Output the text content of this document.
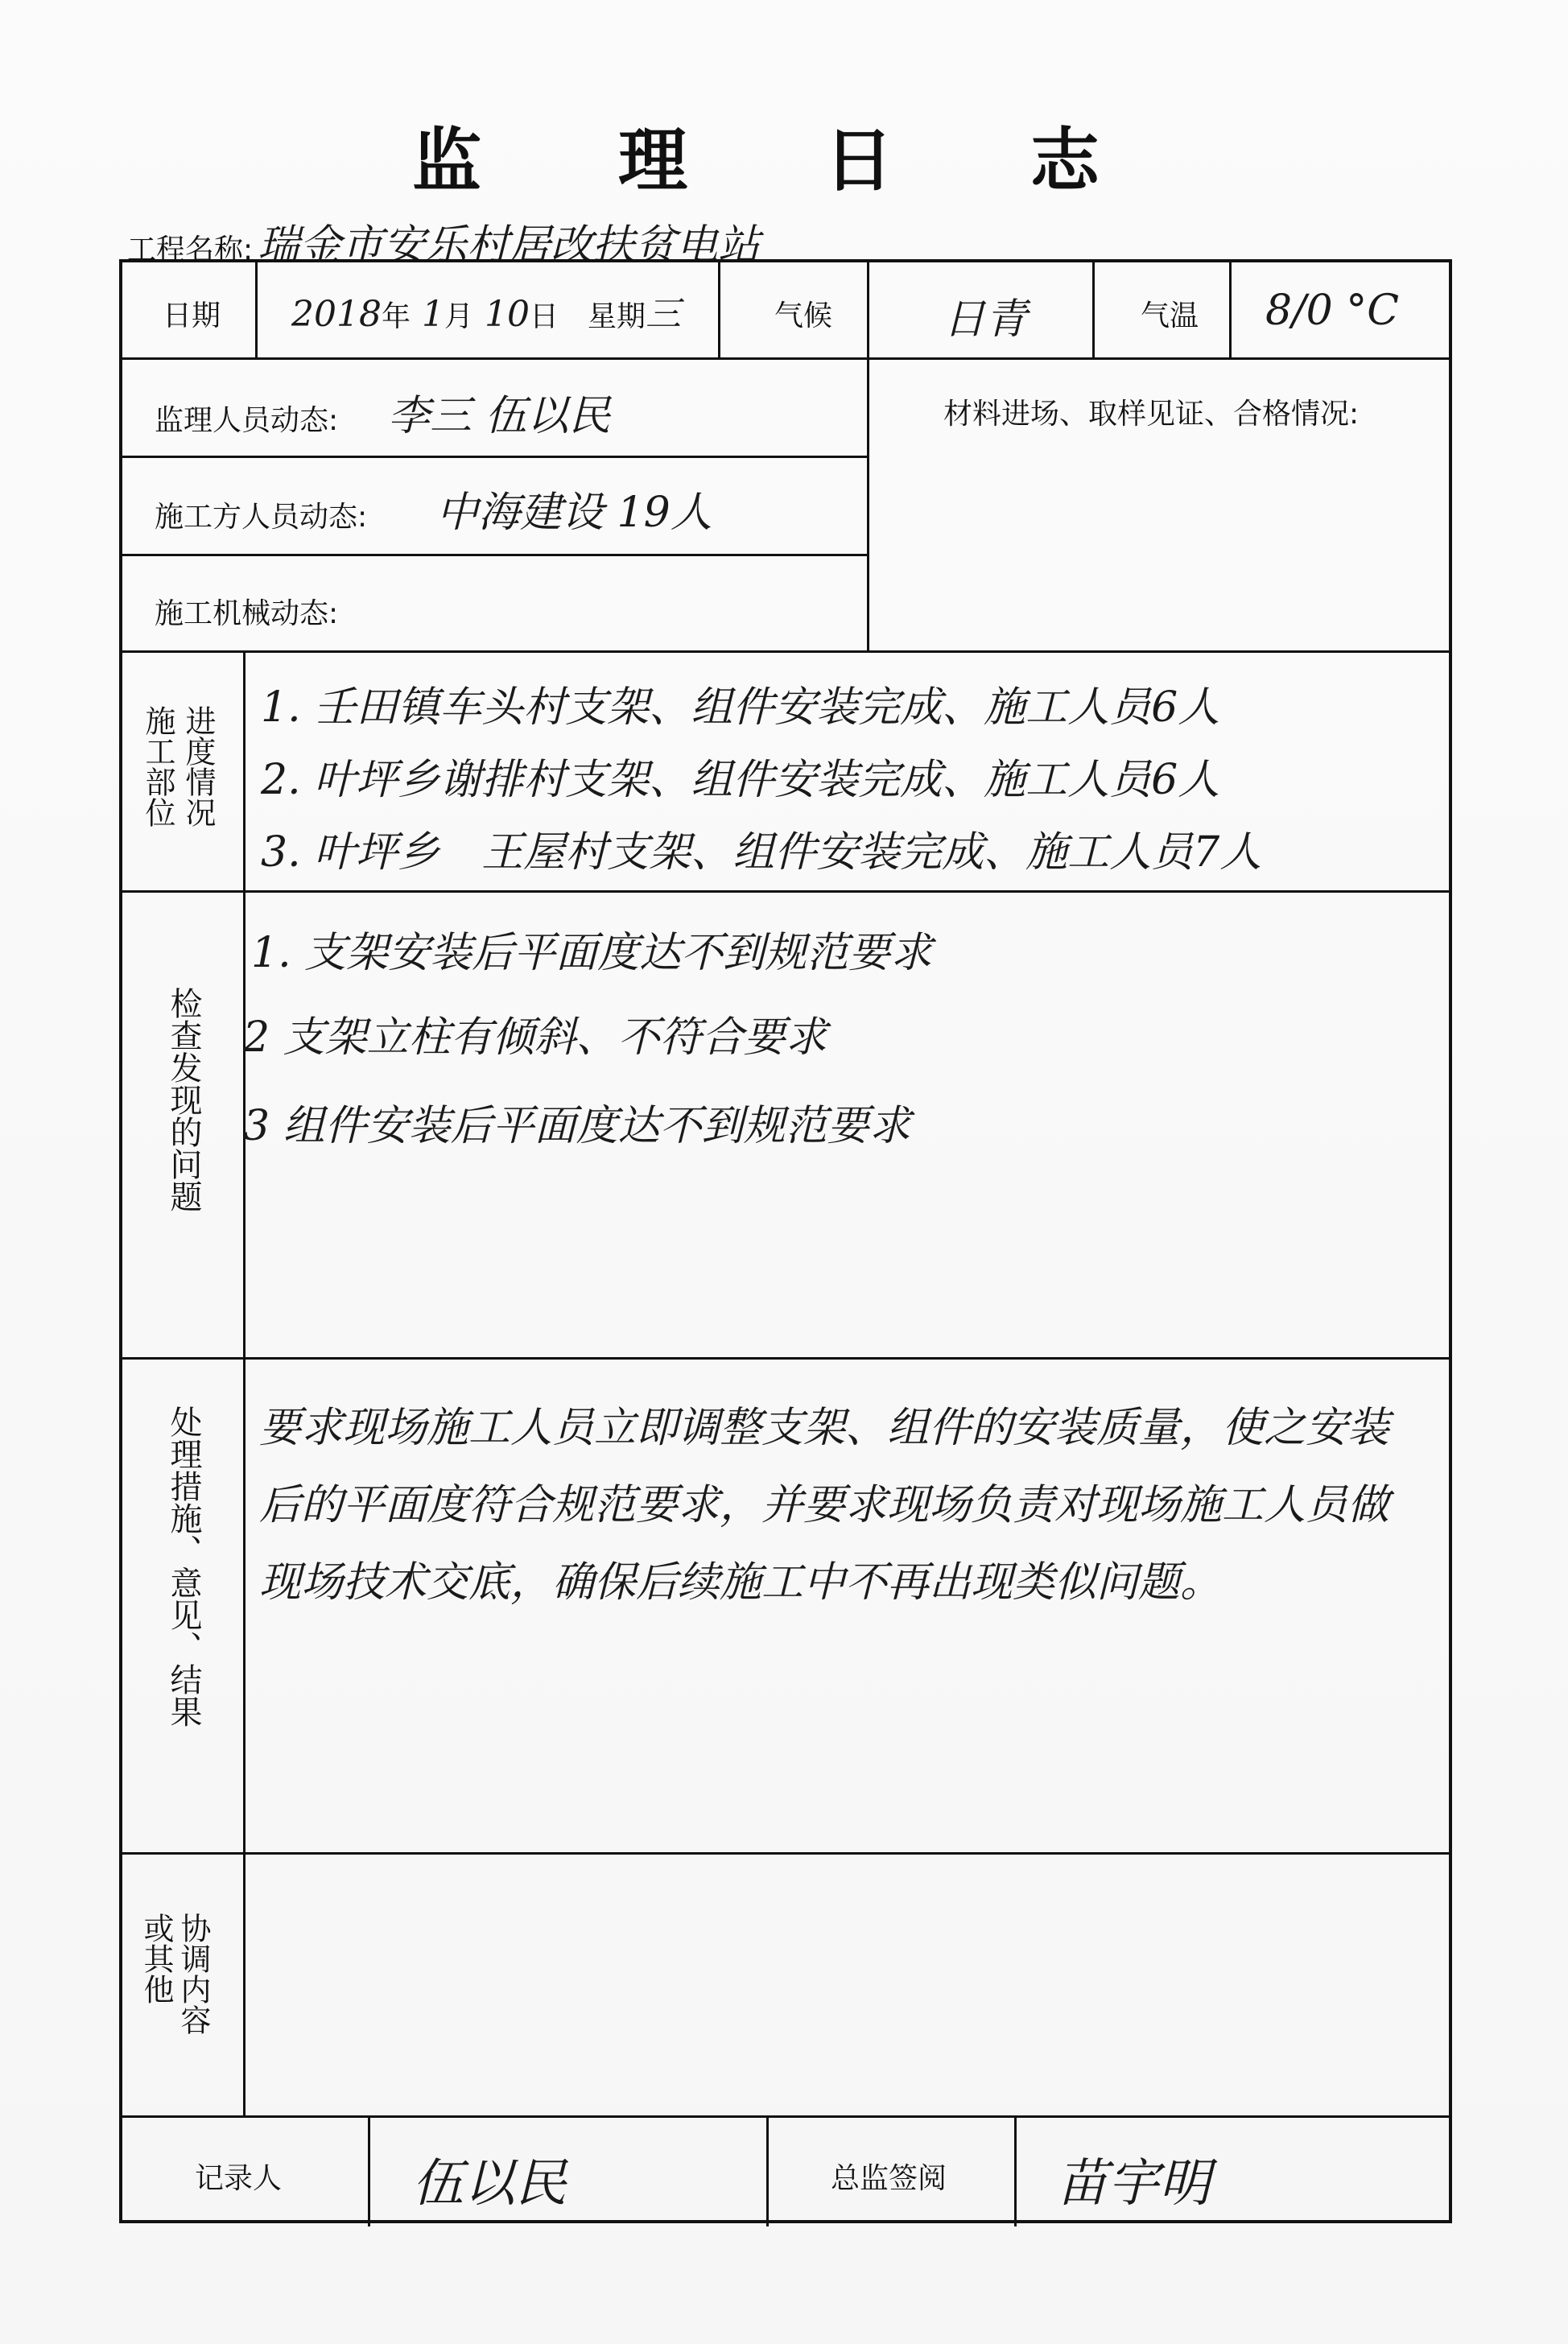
监 理 日 志
工程名称: 瑞金市安乐村居改扶贫电站
日期 2018年 1月 10日 星期三	气候	日青	气温 8/0 °C
监理人员动态: 李三 伍以民
施工方人员动态: 中海建设 19人
施工机械动态:
材料进场、取样见证、合格情况:
施工部位 进度情况 1. 壬田镇车头村支架、组件安装完成、施工人员6人
2. 叶坪乡谢排村支架、组件安装完成、施工人员6人
3. 叶坪乡　王屋村支架、组件安装完成、施工人员7人
检查发现的问题
1. 支架安装后平面度达不到规范要求
2 支架立柱有倾斜、不符合要求
3 组件安装后平面度达不到规范要求
处理措施、意见、结果 要求现场施工人员立即调整支架、组件的安装质量，使之安装后的平面度符合规范要求，并要求现场负责对现场施工人员做现场技术交底，确保后续施工中不再出现类似问题。
协调内容
或其他
记录人	伍以民	总监签阅 苗宇明
